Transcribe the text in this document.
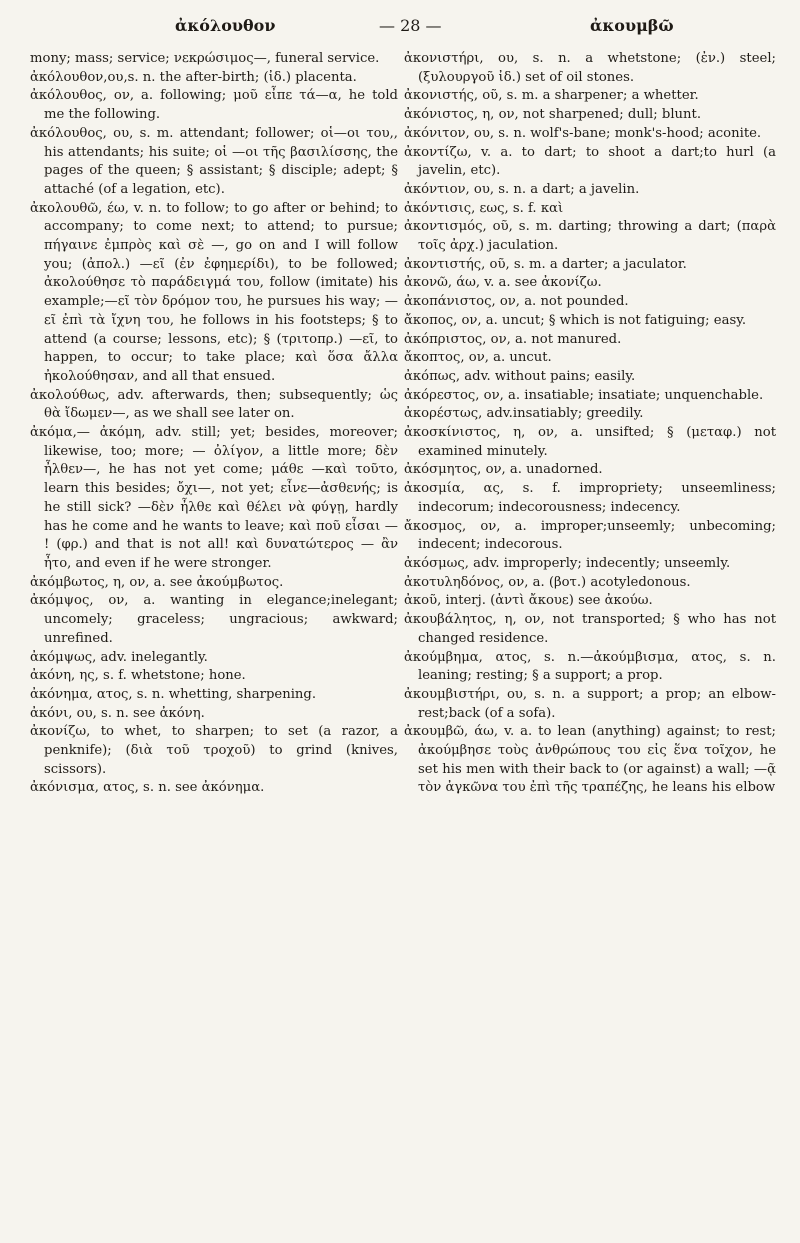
ἀκόλουθον	— 28 —	ἀκουμβῶ

mony; mass; service; νεκρώσιμος—, funeral service.

ἀκόλουθον,ου,s. n. the after-birth; (ἰδ.) placenta.

ἀκόλουθος, ον, a. following; μοῦ εἶπε τά—α, he told me the following.

ἀκόλουθος, ου, s. m. attendant; follower; οἱ—οι του,, his attendants; his suite; οἱ —οι τῆς βασιλίσσης, the pages of the queen; § assistant; § disciple; adept; § attaché (of a legation, etc).

ἀκολουθῶ, έω, v. n. to follow; to go after or behind; to accompany; to come next; to attend; to pursue; πήγαινε ἐμπρὸς καὶ σὲ —, go on and I will follow you; (ἀπολ.) —εῖ (ἐν ἐφημερίδι), to be followed; ἀκολούθησε τὸ παράδειγμά του, follow (imitate) his example;—εῖ τὸν δρόμον του, he pursues his way; —εῖ ἐπὶ τὰ ἴχνη του, he follows in his footsteps; § to attend (a course; lessons, etc); § (τριτοπρ.) —εῖ, to happen, to occur; to take place; καὶ ὅσα ἄλλα ἠκολούθησαν, and all that ensued.

ἀκολούθως, adv. afterwards, then; subsequently; ὡς θὰ ἴδωμεν—, as we shall see later on.

ἀκόμα,— ἀκόμη, adv. still; yet; besides, moreover; likewise, too; more; — ὀλίγον, a little more; δὲν ἦλθεν—, he has not yet come; μάθε —καὶ τοῦτο, learn this besides; ὄχι—, not yet; εἶνε—ἀσθενής; is he still sick? —δὲν ἦλθε καὶ θέλει νὰ φύγῃ, hardly has he come and he wants to leave; καὶ ποῦ εἶσαι — ! (φρ.) and that is not all! καὶ δυνατώτερος — ἂν ἦτο, and even if he were stronger.

ἀκόμβωτος, η, ον, a. see ἀκούμβωτος.

ἀκόμψος, ον, a. wanting in elegance;inelegant; uncomely; graceless; ungracious; awkward; unrefined.

ἀκόμψως, adv. inelegantly.

ἀκόνη, ης, s. f. whetstone; hone.

ἀκόνημα, ατος, s. n. whetting, sharpening.

ἀκόνι, ου, s. n. see ἀκόνη.

ἀκονίζω, to whet, to sharpen; to set (a razor, a penknife); (διὰ τοῦ τροχοῦ) to grind (knives, scissors).

ἀκόνισμα, ατος, s. n. see ἀκόνημα.

ἀκονιστήρι, ου, s. n. a whetstone; (ἐν.) steel; (ξυλουργοῦ ἰδ.) set of oil stones.

ἀκονιστής, οῦ, s. m. a sharpener; a whetter.

ἀκόνιστος, η, ον, not sharpened; dull; blunt.

ἀκόνιτον, ου, s. n. wolf's-bane; monk's-hood; aconite.

ἀκοντίζω, v. a. to dart; to shoot a dart;to hurl (a javelin, etc).

ἀκόντιον, ου, s. n. a dart; a javelin.

ἀκόντισις, εως, s. f. καὶ

ἀκοντισμός, οῦ, s. m. darting; throwing a dart; (παρὰ τοῖς ἀρχ.) jaculation.

ἀκοντιστής, οῦ, s. m. a darter; a jaculator.

ἀκονῶ, άω, v. a. see ἀκονίζω.

ἀκοπάνιστος, ον, a. not pounded.

ἄκοπος, ον, a. uncut; § which is not fatiguing; easy.

ἀκόπριστος, ον, a. not manured.

ἄκοπτος, ον, a. uncut.

ἀκόπως, adv. without pains; easily.

ἀκόρεστος, ον, a. insatiable; insatiate; unquenchable.

ἀκορέστως, adv.insatiably; greedily.

ἀκοσκίνιστος, η, ον, a. unsifted; § (μεταφ.) not examined minutely.

ἀκόσμητος, ον, a. unadorned.

ἀκοσμία, ας, s. f. impropriety; unseemliness; indecorum; indecorousness; indecency.

ἄκοσμος, ον, a. improper;unseemly; unbecoming; indecent; indecorous.

ἀκόσμως, adv. improperly; indecently; unseemly.

ἀκοτυληδόνος, ον, a. (βοτ.) acotyledonous.

ἀκοῦ, interj. (ἀντὶ ἄκουε) see ἀκούω.

ἀκουβάλητος, η, ον, not transported; § who has not changed residence.

ἀκούμβημα, ατος, s. n.—ἀκούμβισμα, ατος, s. n. leaning; resting; § a support; a prop.

ἀκουμβιστήρι, ου, s. n. a support; a prop; an elbow-rest;back (of a sofa).

ἀκουμβῶ, άω, v. a. to lean (anything) against; to rest; ἀκούμβησε τοὺς ἀνθρώπους του εἰς ἕνα τοῖχον, he set his men with their back to (or against) a wall; —ᾷ τὸν ἀγκῶνα του ἐπὶ τῆς τραπέζης, he leans his elbow
